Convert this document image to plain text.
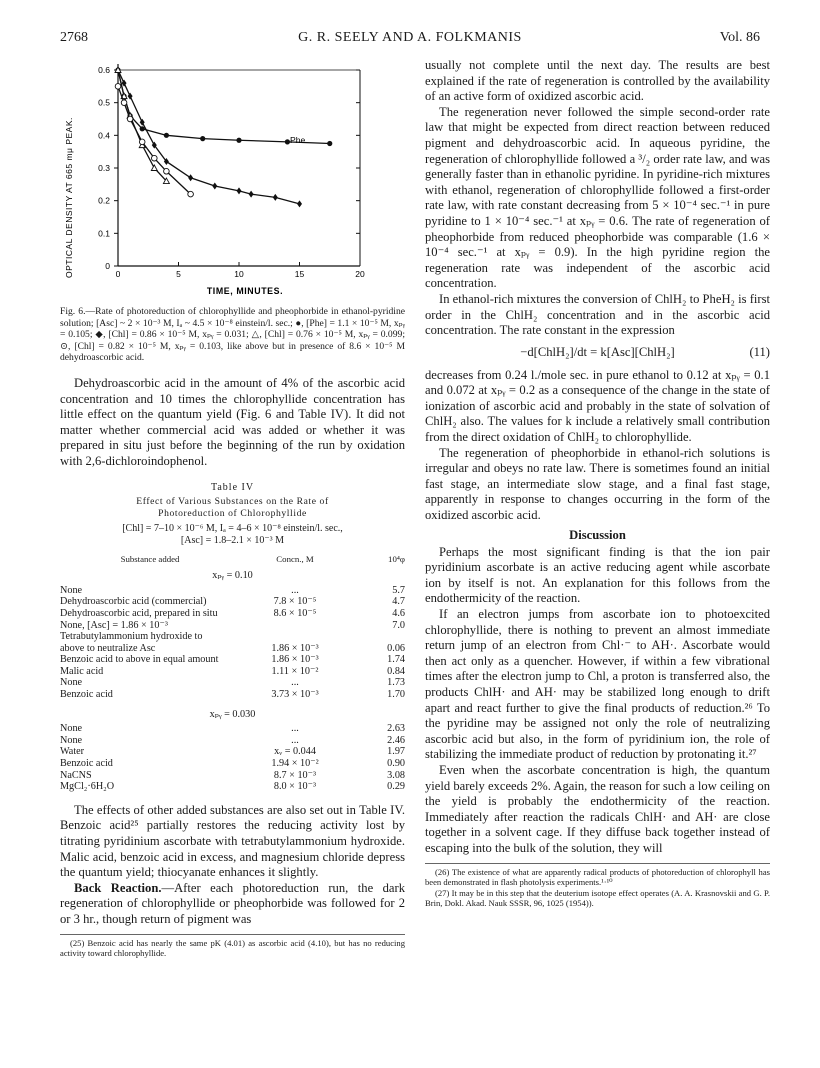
2768	G. R. SEELY AND A. FOLKMANIS	Vol. 86
0
0.1
0.2
0.3
0.4
0.5
0.6
0	5	10	15	20
OPTICAL DENSITY AT 665 mμ PEAK.
TIME, MINUTES.
Phe
Fig. 6.—Rate of photoreduction of chlorophyllide and pheophorbide in ethanol-pyridine solution; [Asc] ~ 2 × 10⁻³ M, Iₐ ~ 4.5 × 10⁻⁸ einstein/l. sec.; ●, [Phe] = 1.1 × 10⁻⁵ M, xₚᵧ = 0.105; ◆, [Chl] = 0.86 × 10⁻⁵ M, xₚᵧ = 0.031; △, [Chl] = 0.76 × 10⁻⁵ M, xₚᵧ = 0.099; ⊙, [Chl] = 0.82 × 10⁻⁵ M, xₚᵧ = 0.103, like above but in presence of 8.6 × 10⁻⁵ M dehydroascorbic acid.

Dehydroascorbic acid in the amount of 4% of the ascorbic acid concentration and 10 times the chlorophyllide concentration has little effect on the quantum yield (Fig. 6 and Table IV). It did not matter whether commercial acid was added or whether it was prepared in situ just before the beginning of the run by oxidation with 2,6-dichloroindophenol.

Table IV
Effect of Various Substances on the Rate of
Photoreduction of Chlorophyllide
[Chl] = 7–10 × 10⁻⁶ M, Iₐ = 4–6 × 10⁻⁸ einstein/l. sec.,
[Asc] = 1.8–2.1 × 10⁻³ M
Substance added	Concn., M	10⁴φ
xₚᵧ = 0.10		
None	...	5.7
Dehydroascorbic acid (commercial)	7.8 × 10⁻⁵	4.7
Dehydroascorbic acid, prepared in situ	8.6 × 10⁻⁵	4.6
None, [Asc] = 1.86 × 10⁻³		7.0
Tetrabutylammonium hydroxide to		
above to neutralize Asc	1.86 × 10⁻³	0.06
Benzoic acid to above in equal amount	1.86 × 10⁻³	1.74
Malic acid	1.11 × 10⁻²	0.84
None	...	1.73
Benzoic acid	3.73 × 10⁻³	1.70

xₚᵧ = 0.030		
None	...	2.63
None	...	2.46
Water	xᵥ = 0.044	1.97
Benzoic acid	1.94 × 10⁻²	0.90
NaCNS	8.7 × 10⁻³	3.08
MgCl₂·6H₂O	8.0 × 10⁻³	0.29

The effects of other added substances are also set out in Table IV. Benzoic acid²⁵ partially restores the reducing activity lost by titrating pyridinium ascorbate with tetrabutylammonium hydroxide. Malic acid, benzoic acid in excess, and magnesium chloride depress the quantum yield; thiocyanate enhances it slightly.

Back Reaction.—After each photoreduction run, the dark regeneration of chlorophyllide or pheophorbide was followed for 2 or 3 hr., though return of pigment was

(25) Benzoic acid has nearly the same pK (4.01) as ascorbic acid (4.10), but has no reducing activity toward chlorophyllide.

usually not complete until the next day. The results are best explained if the rate of regeneration is controlled by the availability of an active form of oxidized ascorbic acid.

The regeneration never followed the simple second-order rate law that might be expected from direct reaction between reduced pigment and dehydroascorbic acid. In aqueous pyridine, the regeneration of chlorophyllide followed a ³/₂ order rate law, and was generally faster than in ethanolic pyridine. In pyridine-rich mixtures with ethanol, regeneration of chlorophyllide followed a first-order rate law, with rate constant decreasing from 5 × 10⁻⁴ sec.⁻¹ in pure pyridine to 1 × 10⁻⁴ sec.⁻¹ at xₚᵧ = 0.6. The rate of regeneration of pheophorbide from reduced pheophorbide was comparable (1.6 × 10⁻⁴ sec.⁻¹ at xₚᵧ = 0.9). In the high pyridine region the regeneration rate was independent of the ascorbic acid concentration.

In ethanol-rich mixtures the conversion of ChlH₂ to PheH₂ is first order in the ChlH₂ concentration and in the ascorbic acid concentration. The rate constant in the expression

−d[ChlH₂]/dt = k[Asc][ChlH₂]	(11)

decreases from 0.24 l./mole sec. in pure ethanol to 0.12 at xₚᵧ = 0.1 and 0.072 at xₚᵧ = 0.2 as a consequence of the change in the state of ionization of ascorbic acid and probably in the state of solvation of ChlH₂ also. The values for k include a relatively small contribution from the direct oxidation of ChlH₂ to chlorophyllide.

The regeneration of pheophorbide in ethanol-rich solutions is irregular and obeys no rate law. There is sometimes found an initial fast stage, an intermediate slow stage, and a final fast stage, apparently in response to changes occurring in the form of the oxidized ascorbic acid.

Discussion

Perhaps the most significant finding is that the ion pair pyridinium ascorbate is an active reducing agent while ascorbate ion by itself is not. An explanation for this follows from the endothermicity of the reaction.

If an electron jumps from ascorbate ion to photoexcited chlorophyllide, there is nothing to prevent an almost immediate return jump of an electron from Chl·⁻ to AH·. Ascorbate would then act only as a quencher. However, if within a few vibrational times after the electron jump to Chl, a proton is transferred also, the products ChlH· and AH· may be stabilized long enough to drift apart and react further to give the final products of reduction.²⁶ To the pyridine may be assigned not only the role of neutralizing ascorbic acid but also, in the form of pyridinium ion, the role of stabilizing the immediate product of reduction by protonating it.²⁷

Even when the ascorbate concentration is high, the quantum yield barely exceeds 2%. Again, the reason for such a low ceiling on the yield is probably the endothermicity of the reaction. Immediately after reaction the radicals ChlH· and AH· are close together in a solvent cage. If they diffuse back together instead of escaping into the bulk of the solution, they will

(26) The existence of what are apparently radical products of photoreduction of chlorophyll has been demonstrated in flash photolysis experiments.¹·¹⁰
(27) It may be in this step that the deuterium isotope effect operates (A. A. Krasnovskii and G. P. Brin, Dokl. Akad. Nauk SSSR, 96, 1025 (1954)).
